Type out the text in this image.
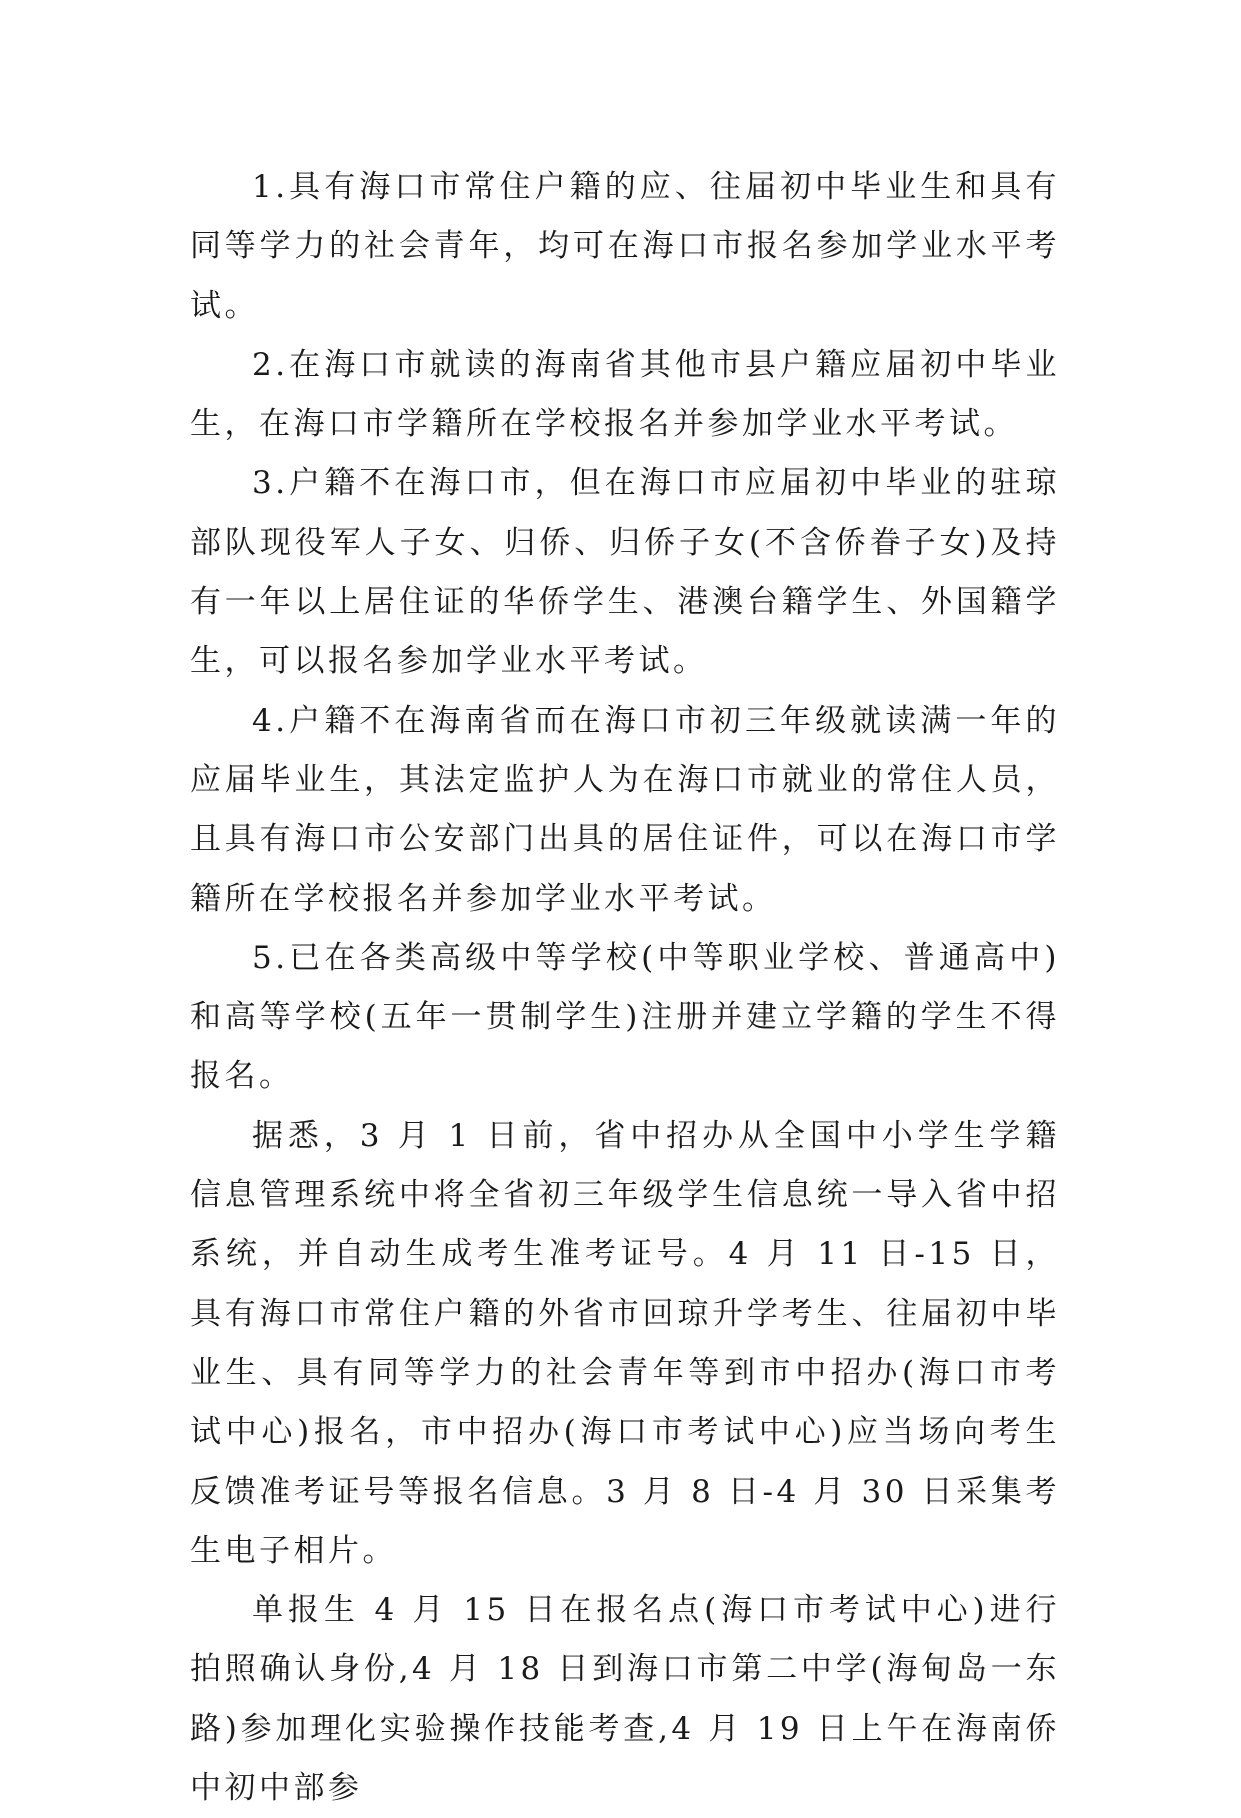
1.具有海口市常住户籍的应、往届初中毕业生和具有同等学力的社会青年，均可在海口市报名参加学业水平考试。

2.在海口市就读的海南省其他市县户籍应届初中毕业生，在海口市学籍所在学校报名并参加学业水平考试。

3.户籍不在海口市，但在海口市应届初中毕业的驻琼部队现役军人子女、归侨、归侨子女(不含侨眷子女)及持有一年以上居住证的华侨学生、港澳台籍学生、外国籍学生，可以报名参加学业水平考试。

4.户籍不在海南省而在海口市初三年级就读满一年的应届毕业生，其法定监护人为在海口市就业的常住人员，且具有海口市公安部门出具的居住证件，可以在海口市学籍所在学校报名并参加学业水平考试。

5.已在各类高级中等学校(中等职业学校、普通高中)和高等学校(五年一贯制学生)注册并建立学籍的学生不得报名。

据悉，3 月 1 日前，省中招办从全国中小学生学籍信息管理系统中将全省初三年级学生信息统一导入省中招系统，并自动生成考生准考证号。4 月 11 日-15 日，具有海口市常住户籍的外省市回琼升学考生、往届初中毕业生、具有同等学力的社会青年等到市中招办(海口市考试中心)报名，市中招办(海口市考试中心)应当场向考生反馈准考证号等报名信息。3 月 8 日-4 月 30 日采集考生电子相片。

单报生 4 月 15 日在报名点(海口市考试中心)进行拍照确认身份,4 月 18 日到海口市第二中学(海甸岛一东路)参加理化实验操作技能考查,4 月 19 日上午在海南侨中初中部参
